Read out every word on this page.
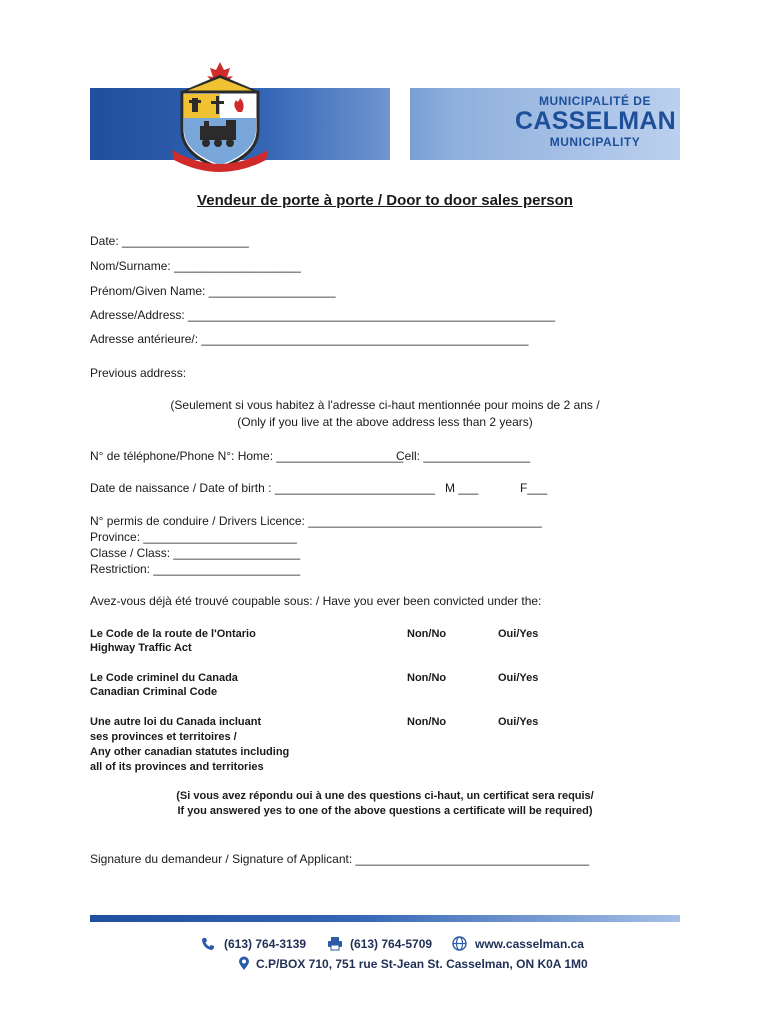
MUNICIPALITÉ DE
CASSELMAN
MUNICIPALITY
Vendeur de porte à porte / Door to door sales person
Date: ___________________
Nom/Surname: ___________________
Prénom/Given Name: ___________________
Adresse/Address: _______________________________________________________
Adresse antérieure/: _________________________________________________
Previous address:
(Seulement si vous habitez à l'adresse ci-haut mentionnée pour moins de 2 ans /
(Only if you live at the above address less than 2 years)
N° de téléphone/Phone N°: Home: ___________________
Cell: ________________
Date de naissance / Date of birth : ________________________ M ___	F___
N° permis de conduire / Drivers Licence: ___________________________________
Province: _______________________
Classe / Class: ___________________
Restriction: ______________________
Avez-vous déjà été trouvé coupable sous: / Have you ever been convicted under the:
Le Code de la route de l'Ontario
Highway Traffic Act
Non/No	Oui/Yes
Le Code criminel du Canada
Canadian Criminal Code
Non/No	Oui/Yes
Une autre loi du Canada incluant
ses provinces et territoires /
Any other canadian statutes including
all of its provinces and territories
Non/No	Oui/Yes
(Si vous avez répondu oui à une des questions ci-haut, un certificat sera requis/
If you answered yes to one of the above questions a certificate will be required)
Signature du demandeur / Signature of Applicant: ___________________________________
(613) 764-3139	(613) 764-5709	www.casselman.ca
C.P/BOX 710, 751 rue St-Jean St. Casselman, ON K0A 1M0
